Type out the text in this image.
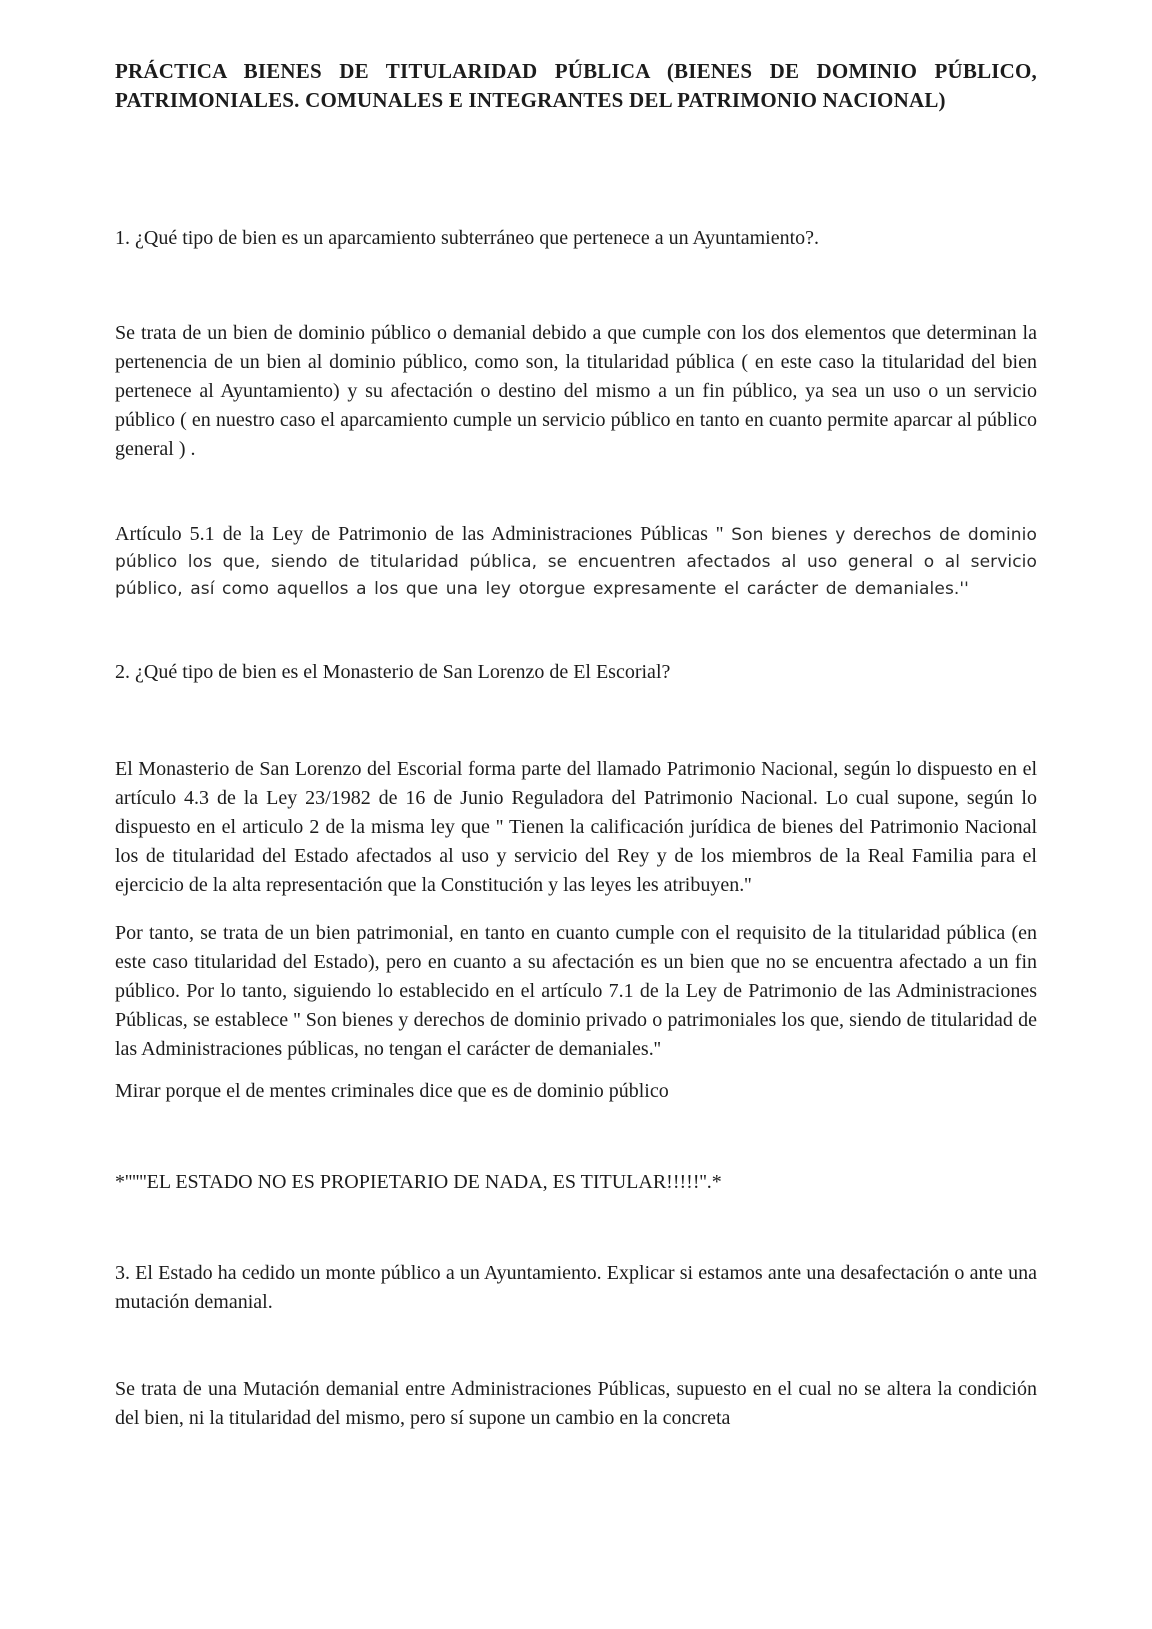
PRÁCTICA BIENES DE TITULARIDAD PÚBLICA (BIENES DE DOMINIO PÚBLICO, PATRIMONIALES. COMUNALES E INTEGRANTES DEL PATRIMONIO NACIONAL)

1. ¿Qué tipo de bien es un aparcamiento subterráneo que pertenece a un Ayuntamiento?.

Se trata de un bien de dominio público o demanial debido a que cumple con los dos elementos que determinan la pertenencia de un bien al dominio público, como son, la titularidad pública ( en este caso la titularidad del bien pertenece al Ayuntamiento) y su afectación o destino del mismo a un fin público, ya sea un uso o un servicio público ( en nuestro caso el aparcamiento cumple un servicio público en tanto en cuanto permite aparcar al público general ) .

Artículo 5.1 de la Ley de Patrimonio de las Administraciones Públicas '' Son bienes y derechos de dominio público los que, siendo de titularidad pública, se encuentren afectados al uso general o al servicio público, así como aquellos a los que una ley otorgue expresamente el carácter de demaniales.''

2. ¿Qué tipo de bien es el Monasterio de San Lorenzo de El Escorial?

El Monasterio de San Lorenzo del Escorial forma parte del llamado Patrimonio Nacional, según lo dispuesto en el artículo 4.3 de la Ley 23/1982 de 16 de Junio Reguladora del Patrimonio Nacional. Lo cual supone, según lo dispuesto en el articulo 2 de la misma ley que '' Tienen la calificación jurídica de bienes del Patrimonio Nacional los de titularidad del Estado afectados al uso y servicio del Rey y de los miembros de la Real Familia para el ejercicio de la alta representación que la Constitución y las leyes les atribuyen.''

Por tanto, se trata de un bien patrimonial, en tanto en cuanto cumple con el requisito de la titularidad pública (en este caso titularidad del Estado), pero en cuanto a su afectación es un bien que no se encuentra afectado a un fin público. Por lo tanto, siguiendo lo establecido en el artículo 7.1 de la Ley de Patrimonio de las Administraciones Públicas, se establece '' Son bienes y derechos de dominio privado o patrimoniales los que, siendo de titularidad de las Administraciones públicas, no tengan el carácter de demaniales.''

Mirar porque el de mentes criminales dice que es de dominio público

*''''''EL ESTADO NO ES PROPIETARIO DE NADA, ES TITULAR!!!!!''.*

3. El Estado ha cedido un monte público a un Ayuntamiento. Explicar si estamos ante una desafectación o ante una mutación demanial.

Se trata de una Mutación demanial entre Administraciones Públicas, supuesto en el cual no se altera la condición del bien, ni la titularidad del mismo, pero sí supone un cambio en la concreta
